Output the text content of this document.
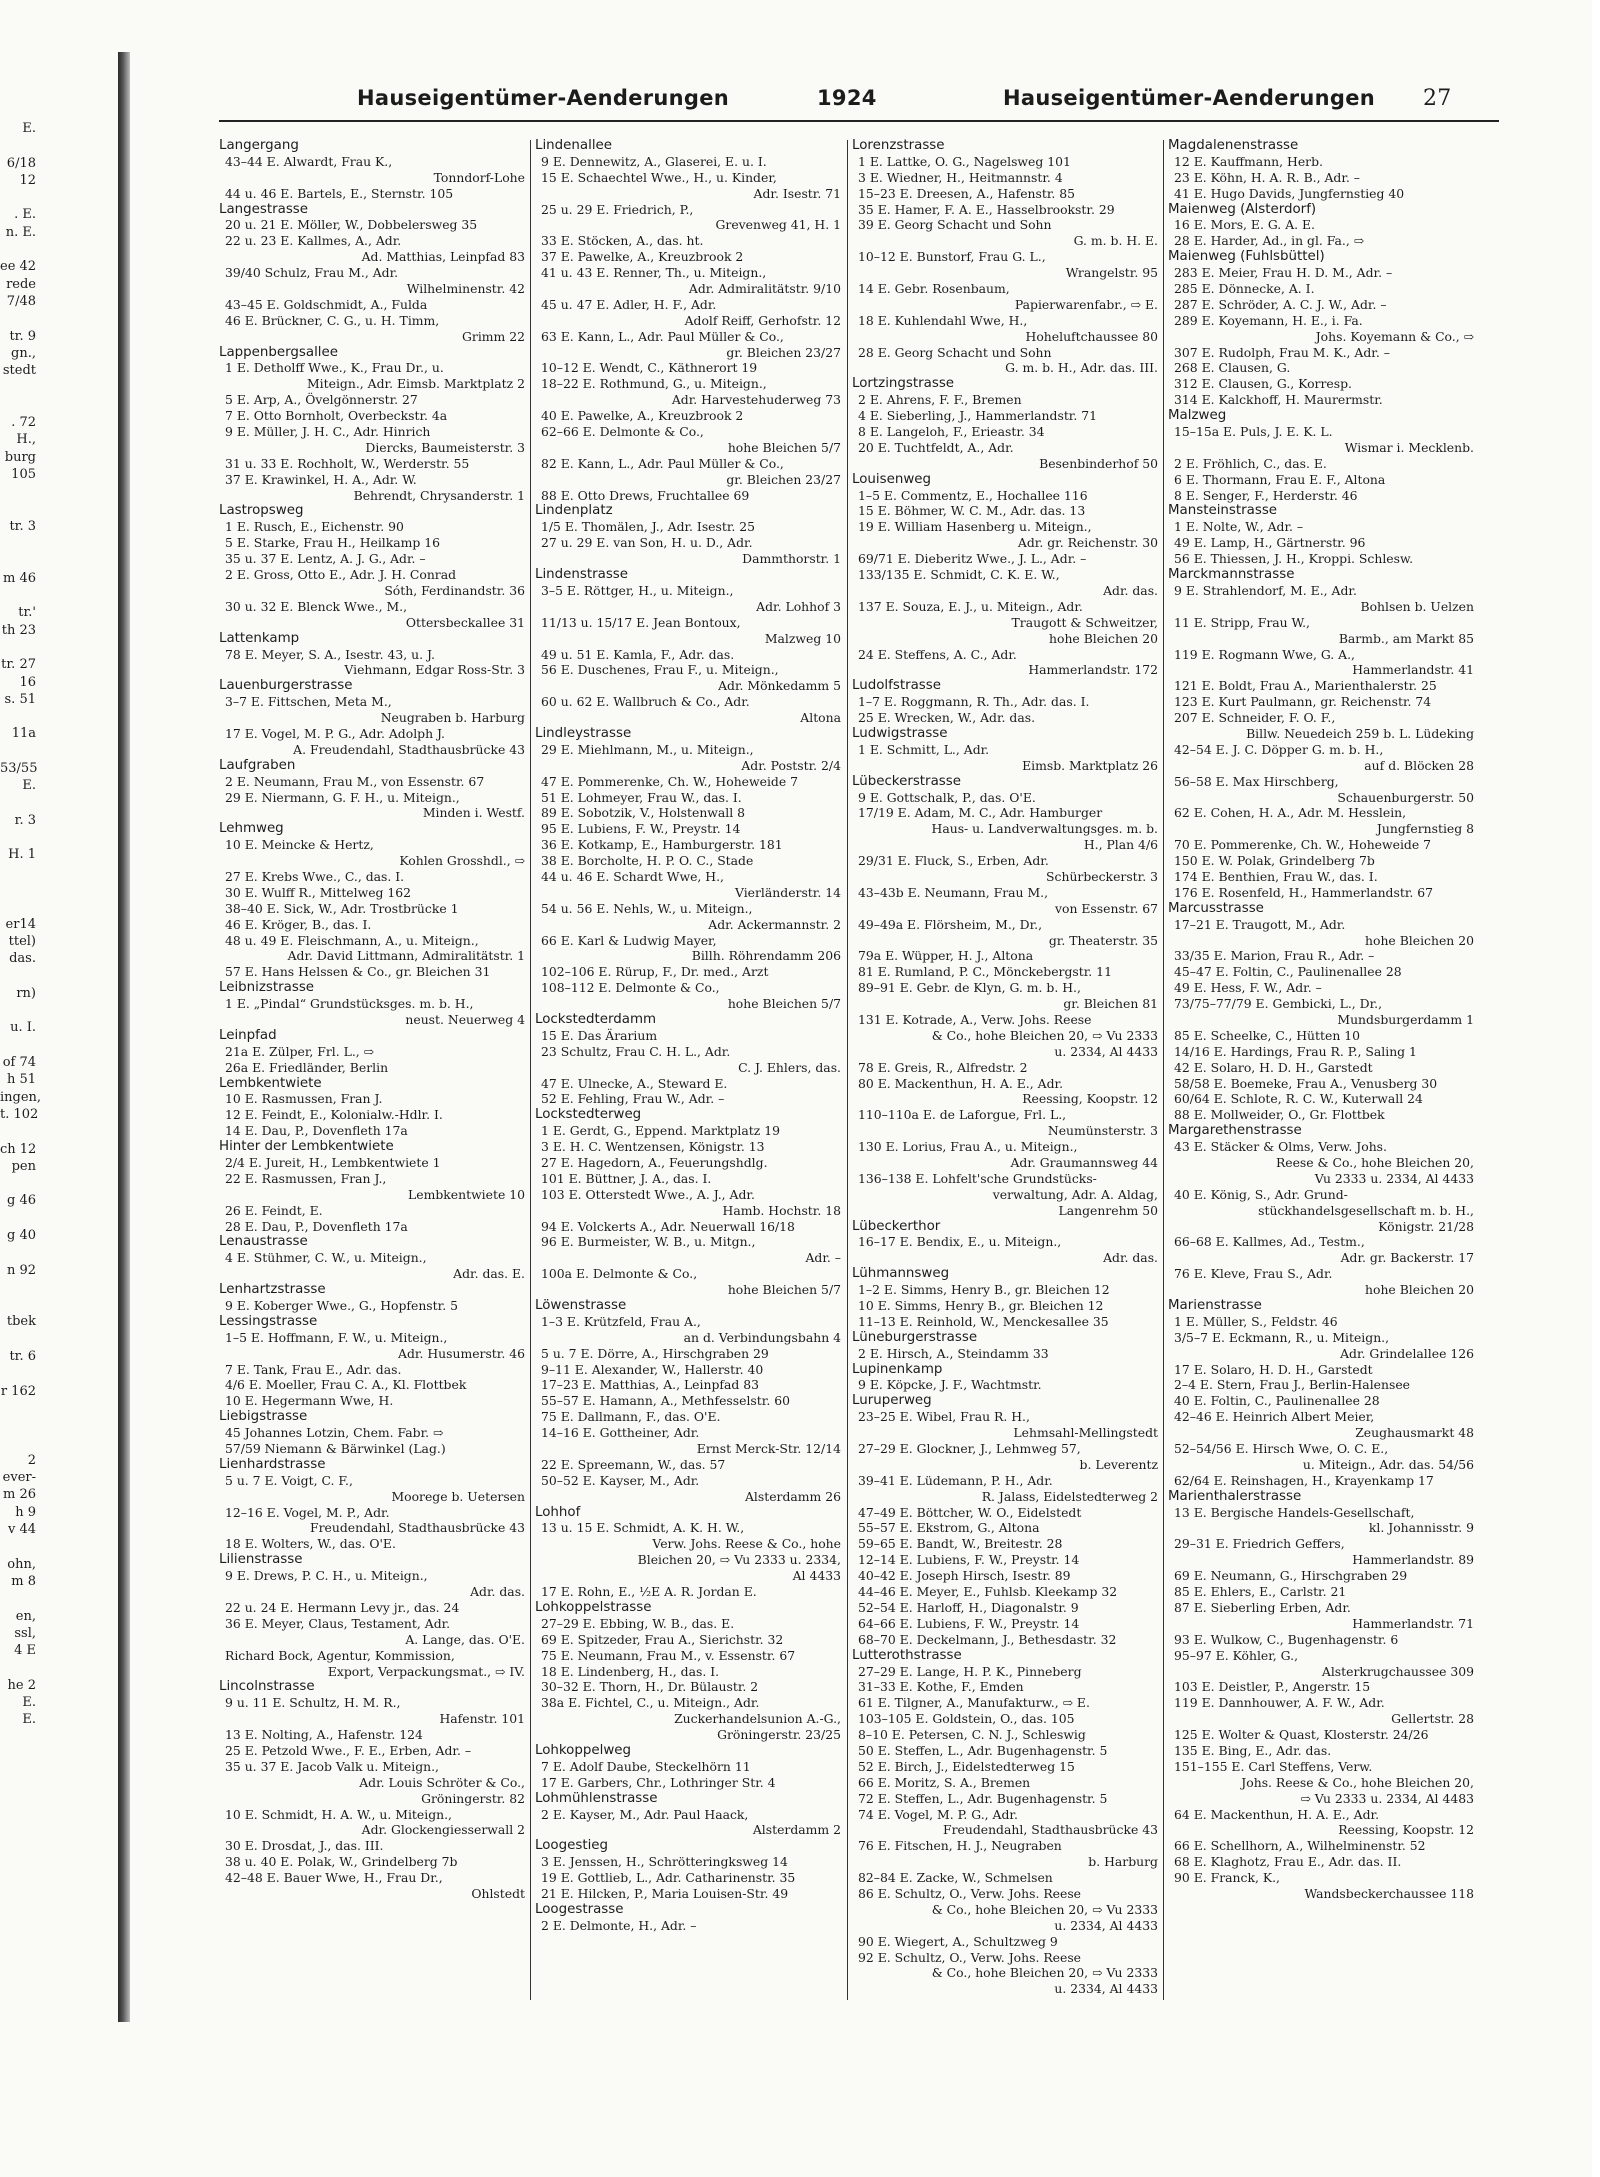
E.
6/18
12
. E.
n. E.
ee 42
rede
7/48
tr. 9
gn.,
stedt
. 72
H.,
burg
105
tr. 3
m 46
tr.'
th 23
tr. 27
16
s. 51
11a
53/55
E.
r. 3
H. 1
er14
ttel)
das.
rn)
u. I.
of 74
h 51
ingen,
t. 102
ch 12
pen
g 46
g 40
n 92
tbek
tr. 6
r 162
2
ever-
m 26
h 9
v 44
ohn,
m 8
en,
ssl,
4 E
he 2
E.
E.
Hauseigentümer-Aenderungen	1924	Hauseigentümer-Aenderungen 27
Langergang
43–44 E. Alwardt, Frau K.,
Tonndorf-Lohe
44 u. 46 E. Bartels, E., Sternstr. 105
Langestrasse
20 u. 21 E. Möller, W., Dobbelersweg 35
22 u. 23 E. Kallmes, A., Adr.
Ad. Matthias, Leinpfad 83
39/40 Schulz, Frau M., Adr.
Wilhelminenstr. 42
43–45 E. Goldschmidt, A., Fulda
46 E. Brückner, C. G., u. H. Timm,
Grimm 22
Lappenbergsallee
1 E. Detholff Wwe., K., Frau Dr., u.
Miteign., Adr. Eimsb. Marktplatz 2
5 E. Arp, A., Övelgönnerstr. 27
7 E. Otto Bornholt, Overbeckstr. 4a
9 E. Müller, J. H. C., Adr. Hinrich
Diercks, Baumeisterstr. 3
31 u. 33 E. Rochholt, W., Werderstr. 55
37 E. Krawinkel, H. A., Adr. W.
Behrendt, Chrysanderstr. 1
Lastropsweg
1 E. Rusch, E., Eichenstr. 90
5 E. Starke, Frau H., Heilkamp 16
35 u. 37 E. Lentz, A. J. G., Adr. –
2 E. Gross, Otto E., Adr. J. H. Conrad
Sóth, Ferdinandstr. 36
30 u. 32 E. Blenck Wwe., M.,
Ottersbeckallee 31
Lattenkamp
78 E. Meyer, S. A., Isestr. 43, u. J.
Viehmann, Edgar Ross-Str. 3
Lauenburgerstrasse
3–7 E. Fittschen, Meta M.,
Neugraben b. Harburg
17 E. Vogel, M. P. G., Adr. Adolph J.
A. Freudendahl, Stadthausbrücke 43
Laufgraben
2 E. Neumann, Frau M., von Essenstr. 67
29 E. Niermann, G. F. H., u. Miteign.,
Minden i. Westf.
Lehmweg
10 E. Meincke & Hertz,
Kohlen Grosshdl., ⇨
27 E. Krebs Wwe., C., das. I.
30 E. Wulff R., Mittelweg 162
38–40 E. Sick, W., Adr. Trostbrücke 1
46 E. Kröger, B., das. I.
48 u. 49 E. Fleischmann, A., u. Miteign.,
Adr. David Littmann, Admiralitätstr. 1
57 E. Hans Helssen & Co., gr. Bleichen 31
Leibnizstrasse
1 E. „Pindal“ Grundstücksges. m. b. H.,
neust. Neuerweg 4
Leinpfad
21a E. Zülper, Frl. L., ⇨
26a E. Friedländer, Berlin
Lembkentwiete
10 E. Rasmussen, Fran J.
12 E. Feindt, E., Kolonialw.-Hdlr. I.
14 E. Dau, P., Dovenfleth 17a
Hinter der Lembkentwiete
2/4 E. Jureit, H., Lembkentwiete 1
22 E. Rasmussen, Fran J.,
Lembkentwiete 10
26 E. Feindt, E.
28 E. Dau, P., Dovenfleth 17a
Lenaustrasse
4 E. Stühmer, C. W., u. Miteign.,
Adr. das. E.
Lenhartzstrasse
9 E. Koberger Wwe., G., Hopfenstr. 5
Lessingstrasse
1–5 E. Hoffmann, F. W., u. Miteign.,
Adr. Husumerstr. 46
7 E. Tank, Frau E., Adr. das.
4/6 E. Moeller, Frau C. A., Kl. Flottbek
10 E. Hegermann Wwe, H.
Liebigstrasse
45 Johannes Lotzin, Chem. Fabr. ⇨
57/59 Niemann & Bärwinkel (Lag.)
Lienhardstrasse
5 u. 7 E. Voigt, C. F.,
Moorege b. Uetersen
12–16 E. Vogel, M. P., Adr.
Freudendahl, Stadthausbrücke 43
18 E. Wolters, W., das. O'E.
Lilienstrasse
9 E. Drews, P. C. H., u. Miteign.,
Adr. das.
22 u. 24 E. Hermann Levy jr., das. 24
36 E. Meyer, Claus, Testament, Adr.
A. Lange, das. O'E.
Richard Bock, Agentur, Kommission,
Export, Verpackungsmat., ⇨ IV.
Lincolnstrasse
9 u. 11 E. Schultz, H. M. R.,
Hafenstr. 101
13 E. Nolting, A., Hafenstr. 124
25 E. Petzold Wwe., F. E., Erben, Adr. –
35 u. 37 E. Jacob Valk u. Miteign.,
Adr. Louis Schröter & Co.,
Gröningerstr. 82
10 E. Schmidt, H. A. W., u. Miteign.,
Adr. Glockengiesserwall 2
30 E. Drosdat, J., das. III.
38 u. 40 E. Polak, W., Grindelberg 7b
42–48 E. Bauer Wwe, H., Frau Dr.,
Ohlstedt
Lindenallee
9 E. Dennewitz, A., Glaserei, E. u. I.
15 E. Schaechtel Wwe., H., u. Kinder,
Adr. Isestr. 71
25 u. 29 E. Friedrich, P.,
Grevenweg 41, H. 1
33 E. Stöcken, A., das. ht.
37 E. Pawelke, A., Kreuzbrook 2
41 u. 43 E. Renner, Th., u. Miteign.,
Adr. Admiralitätstr. 9/10
45 u. 47 E. Adler, H. F., Adr.
Adolf Reiff, Gerhofstr. 12
63 E. Kann, L., Adr. Paul Müller & Co.,
gr. Bleichen 23/27
10–12 E. Wendt, C., Käthnerort 19
18–22 E. Rothmund, G., u. Miteign.,
Adr. Harvestehuderweg 73
40 E. Pawelke, A., Kreuzbrook 2
62–66 E. Delmonte & Co.,
hohe Bleichen 5/7
82 E. Kann, L., Adr. Paul Müller & Co.,
gr. Bleichen 23/27
88 E. Otto Drews, Fruchtallee 69
Lindenplatz
1/5 E. Thomälen, J., Adr. Isestr. 25
27 u. 29 E. van Son, H. u. D., Adr.
Dammthorstr. 1
Lindenstrasse
3–5 E. Röttger, H., u. Miteign.,
Adr. Lohhof 3
11/13 u. 15/17 E. Jean Bontoux,
Malzweg 10
49 u. 51 E. Kamla, F., Adr. das.
56 E. Duschenes, Frau F., u. Miteign.,
Adr. Mönkedamm 5
60 u. 62 E. Wallbruch & Co., Adr.
Altona
Lindleystrasse
29 E. Miehlmann, M., u. Miteign.,
Adr. Poststr. 2/4
47 E. Pommerenke, Ch. W., Hoheweide 7
51 E. Lohmeyer, Frau W., das. I.
89 E. Sobotzik, V., Holstenwall 8
95 E. Lubiens, F. W., Preystr. 14
36 E. Kotkamp, E., Hamburgerstr. 181
38 E. Borcholte, H. P. O. C., Stade
44 u. 46 E. Schardt Wwe, H.,
Vierländerstr. 14
54 u. 56 E. Nehls, W., u. Miteign.,
Adr. Ackermannstr. 2
66 E. Karl & Ludwig Mayer,
Billh. Röhrendamm 206
102–106 E. Rürup, F., Dr. med., Arzt
108–112 E. Delmonte & Co.,
hohe Bleichen 5/7
Lockstedterdamm
15 E. Das Ärarium
23 Schultz, Frau C. H. L., Adr.
C. J. Ehlers, das.
47 E. Ulnecke, A., Steward E.
52 E. Fehling, Frau W., Adr. –
Lockstedterweg
1 E. Gerdt, G., Eppend. Marktplatz 19
3 E. H. C. Wentzensen, Königstr. 13
27 E. Hagedorn, A., Feuerungshdlg.
101 E. Büttner, J. A., das. I.
103 E. Otterstedt Wwe., A. J., Adr.
Hamb. Hochstr. 18
94 E. Volckerts A., Adr. Neuerwall 16/18
96 E. Burmeister, W. B., u. Mitgn.,
Adr. –
100a E. Delmonte & Co.,
hohe Bleichen 5/7
Löwenstrasse
1–3 E. Krützfeld, Frau A.,
an d. Verbindungsbahn 4
5 u. 7 E. Dörre, A., Hirschgraben 29
9–11 E. Alexander, W., Hallerstr. 40
17–23 E. Matthias, A., Leinpfad 83
55–57 E. Hamann, A., Methfesselstr. 60
75 E. Dallmann, F., das. O'E.
14–16 E. Gottheiner, Adr.
Ernst Merck-Str. 12/14
22 E. Spreemann, W., das. 57
50–52 E. Kayser, M., Adr.
Alsterdamm 26
Lohhof
13 u. 15 E. Schmidt, A. K. H. W.,
Verw. Johs. Reese & Co., hohe
Bleichen 20, ⇨ Vu 2333 u. 2334,
Al 4433
17 E. Rohn, E., ½E A. R. Jordan E.
Lohkoppelstrasse
27–29 E. Ebbing, W. B., das. E.
69 E. Spitzeder, Frau A., Sierichstr. 32
75 E. Neumann, Frau M., v. Essenstr. 67
18 E. Lindenberg, H., das. I.
30–32 E. Thorn, H., Dr. Bülaustr. 2
38a E. Fichtel, C., u. Miteign., Adr.
Zuckerhandelsunion A.-G.,
Gröningerstr. 23/25
Lohkoppelweg
7 E. Adolf Daube, Steckelhörn 11
17 E. Garbers, Chr., Lothringer Str. 4
Lohmühlenstrasse
2 E. Kayser, M., Adr. Paul Haack,
Alsterdamm 2
Loogestieg
3 E. Jenssen, H., Schrötteringksweg 14
19 E. Gottlieb, L., Adr. Catharinenstr. 35
21 E. Hilcken, P., Maria Louisen-Str. 49
Loogestrasse
2 E. Delmonte, H., Adr. –
Lorenzstrasse
1 E. Lattke, O. G., Nagelsweg 101
3 E. Wiedner, H., Heitmannstr. 4
15–23 E. Dreesen, A., Hafenstr. 85
35 E. Hamer, F. A. E., Hasselbrookstr. 29
39 E. Georg Schacht und Sohn
G. m. b. H. E.
10–12 E. Bunstorf, Frau G. L.,
Wrangelstr. 95
14 E. Gebr. Rosenbaum,
Papierwarenfabr., ⇨ E.
18 E. Kuhlendahl Wwe, H.,
Hoheluftchaussee 80
28 E. Georg Schacht und Sohn
G. m. b. H., Adr. das. III.
Lortzingstrasse
2 E. Ahrens, F. F., Bremen
4 E. Sieberling, J., Hammerlandstr. 71
8 E. Langeloh, F., Erieastr. 34
20 E. Tuchtfeldt, A., Adr.
Besenbinderhof 50
Louisenweg
1–5 E. Commentz, E., Hochallee 116
15 E. Böhmer, W. C. M., Adr. das. 13
19 E. William Hasenberg u. Miteign.,
Adr. gr. Reichenstr. 30
69/71 E. Dieberitz Wwe., J. L., Adr. –
133/135 E. Schmidt, C. K. E. W.,
Adr. das.
137 E. Souza, E. J., u. Miteign., Adr.
Traugott & Schweitzer,
hohe Bleichen 20
24 E. Steffens, A. C., Adr.
Hammerlandstr. 172
Ludolfstrasse
1–7 E. Roggmann, R. Th., Adr. das. I.
25 E. Wrecken, W., Adr. das.
Ludwigstrasse
1 E. Schmitt, L., Adr.
Eimsb. Marktplatz 26
Lübeckerstrasse
9 E. Gottschalk, P., das. O'E.
17/19 E. Adam, M. C., Adr. Hamburger
Haus- u. Landverwaltungsges. m. b.
H., Plan 4/6
29/31 E. Fluck, S., Erben, Adr.
Schürbeckerstr. 3
43–43b E. Neumann, Frau M.,
von Essenstr. 67
49–49a E. Flörsheim, M., Dr.,
gr. Theaterstr. 35
79a E. Wüpper, H. J., Altona
81 E. Rumland, P. C., Mönckebergstr. 11
89–91 E. Gebr. de Klyn, G. m. b. H.,
gr. Bleichen 81
131 E. Kotrade, A., Verw. Johs. Reese
& Co., hohe Bleichen 20, ⇨ Vu 2333
u. 2334, Al 4433
78 E. Greis, R., Alfredstr. 2
80 E. Mackenthun, H. A. E., Adr.
Reessing, Koopstr. 12
110–110a E. de Laforgue, Frl. L.,
Neumünsterstr. 3
130 E. Lorius, Frau A., u. Miteign.,
Adr. Graumannsweg 44
136–138 E. Lohfelt'sche Grundstücks-
verwaltung, Adr. A. Aldag,
Langenrehm 50
Lübeckerthor
16–17 E. Bendix, E., u. Miteign.,
Adr. das.
Lühmannsweg
1–2 E. Simms, Henry B., gr. Bleichen 12
10 E. Simms, Henry B., gr. Bleichen 12
11–13 E. Reinhold, W., Menckesallee 35
Lüneburgerstrasse
2 E. Hirsch, A., Steindamm 33
Lupinenkamp
9 E. Köpcke, J. F., Wachtmstr.
Luruperweg
23–25 E. Wibel, Frau R. H.,
Lehmsahl-Mellingstedt
27–29 E. Glockner, J., Lehmweg 57,
b. Leverentz
39–41 E. Lüdemann, P. H., Adr.
R. Jalass, Eidelstedterweg 2
47–49 E. Böttcher, W. O., Eidelstedt
55–57 E. Ekstrom, G., Altona
59–65 E. Bandt, W., Breitestr. 28
12–14 E. Lubiens, F. W., Preystr. 14
40–42 E. Joseph Hirsch, Isestr. 89
44–46 E. Meyer, E., Fuhlsb. Kleekamp 32
52–54 E. Harloff, H., Diagonalstr. 9
64–66 E. Lubiens, F. W., Preystr. 14
68–70 E. Deckelmann, J., Bethesdastr. 32
Lutterothstrasse
27–29 E. Lange, H. P. K., Pinneberg
31–33 E. Kothe, F., Emden
61 E. Tilgner, A., Manufakturw., ⇨ E.
103–105 E. Goldstein, O., das. 105
8–10 E. Petersen, C. N. J., Schleswig
50 E. Steffen, L., Adr. Bugenhagenstr. 5
52 E. Birch, J., Eidelstedterweg 15
66 E. Moritz, S. A., Bremen
72 E. Steffen, L., Adr. Bugenhagenstr. 5
74 E. Vogel, M. P. G., Adr.
Freudendahl, Stadthausbrücke 43
76 E. Fitschen, H. J., Neugraben
b. Harburg
82–84 E. Zacke, W., Schmelsen
86 E. Schultz, O., Verw. Johs. Reese
& Co., hohe Bleichen 20, ⇨ Vu 2333
u. 2334, Al 4433
90 E. Wiegert, A., Schultzweg 9
92 E. Schultz, O., Verw. Johs. Reese
& Co., hohe Bleichen 20, ⇨ Vu 2333
u. 2334, Al 4433
Magdalenenstrasse
12 E. Kauffmann, Herb.
23 E. Köhn, H. A. R. B., Adr. –
41 E. Hugo Davids, Jungfernstieg 40
Maienweg (Alsterdorf)
16 E. Mors, E. G. A. E.
28 E. Harder, Ad., in gl. Fa., ⇨
Maienweg (Fuhlsbüttel)
283 E. Meier, Frau H. D. M., Adr. –
285 E. Dönnecke, A. I.
287 E. Schröder, A. C. J. W., Adr. –
289 E. Koyemann, H. E., i. Fa.
Johs. Koyemann & Co., ⇨
307 E. Rudolph, Frau M. K., Adr. –
268 E. Clausen, G.
312 E. Clausen, G., Korresp.
314 E. Kalckhoff, H. Maurermstr.
Malzweg
15–15a E. Puls, J. E. K. L.
Wismar i. Mecklenb.
2 E. Fröhlich, C., das. E.
6 E. Thormann, Frau E. F., Altona
8 E. Senger, F., Herderstr. 46
Mansteinstrasse
1 E. Nolte, W., Adr. –
49 E. Lamp, H., Gärtnerstr. 96
56 E. Thiessen, J. H., Kroppi. Schlesw.
Marckmannstrasse
9 E. Strahlendorf, M. E., Adr.
Bohlsen b. Uelzen
11 E. Stripp, Frau W.,
Barmb., am Markt 85
119 E. Rogmann Wwe, G. A.,
Hammerlandstr. 41
121 E. Boldt, Frau A., Marienthalerstr. 25
123 E. Kurt Paulmann, gr. Reichenstr. 74
207 E. Schneider, F. O. F.,
Billw. Neuedeich 259 b. L. Lüdeking
42–54 E. J. C. Döpper G. m. b. H.,
auf d. Blöcken 28
56–58 E. Max Hirschberg,
Schauenburgerstr. 50
62 E. Cohen, H. A., Adr. M. Hesslein,
Jungfernstieg 8
70 E. Pommerenke, Ch. W., Hoheweide 7
150 E. W. Polak, Grindelberg 7b
174 E. Benthien, Frau W., das. I.
176 E. Rosenfeld, H., Hammerlandstr. 67
Marcusstrasse
17–21 E. Traugott, M., Adr.
hohe Bleichen 20
33/35 E. Marion, Frau R., Adr. –
45–47 E. Foltin, C., Paulinenallee 28
49 E. Hess, F. W., Adr. –
73/75–77/79 E. Gembicki, L., Dr.,
Mundsburgerdamm 1
85 E. Scheelke, C., Hütten 10
14/16 E. Hardings, Frau R. P., Saling 1
42 E. Solaro, H. D. H., Garstedt
58/58 E. Boemeke, Frau A., Venusberg 30
60/64 E. Schlote, R. C. W., Kuterwall 24
88 E. Mollweider, O., Gr. Flottbek
Margarethenstrasse
43 E. Stäcker & Olms, Verw. Johs.
Reese & Co., hohe Bleichen 20,
Vu 2333 u. 2334, Al 4433
40 E. König, S., Adr. Grund-
stückhandelsgesellschaft m. b. H.,
Königstr. 21/28
66–68 E. Kallmes, Ad., Testm.,
Adr. gr. Backerstr. 17
76 E. Kleve, Frau S., Adr.
hohe Bleichen 20
Marienstrasse
1 E. Müller, S., Feldstr. 46
3/5–7 E. Eckmann, R., u. Miteign.,
Adr. Grindelallee 126
17 E. Solaro, H. D. H., Garstedt
2–4 E. Stern, Frau J., Berlin-Halensee
40 E. Foltin, C., Paulinenallee 28
42–46 E. Heinrich Albert Meier,
Zeughausmarkt 48
52–54/56 E. Hirsch Wwe, O. C. E.,
u. Miteign., Adr. das. 54/56
62/64 E. Reinshagen, H., Krayenkamp 17
Marienthalerstrasse
13 E. Bergische Handels-Gesellschaft,
kl. Johannisstr. 9
29–31 E. Friedrich Geffers,
Hammerlandstr. 89
69 E. Neumann, G., Hirschgraben 29
85 E. Ehlers, E., Carlstr. 21
87 E. Sieberling Erben, Adr.
Hammerlandstr. 71
93 E. Wulkow, C., Bugenhagenstr. 6
95–97 E. Köhler, G.,
Alsterkrugchaussee 309
103 E. Deistler, P., Angerstr. 15
119 E. Dannhouwer, A. F. W., Adr.
Gellertstr. 28
125 E. Wolter & Quast, Klosterstr. 24/26
135 E. Bing, E., Adr. das.
151–155 E. Carl Steffens, Verw.
Johs. Reese & Co., hohe Bleichen 20,
⇨ Vu 2333 u. 2334, Al 4483
64 E. Mackenthun, H. A. E., Adr.
Reessing, Koopstr. 12
66 E. Schellhorn, A., Wilhelminenstr. 52
68 E. Klaghotz, Frau E., Adr. das. II.
90 E. Franck, K.,
Wandsbeckerchaussee 118
